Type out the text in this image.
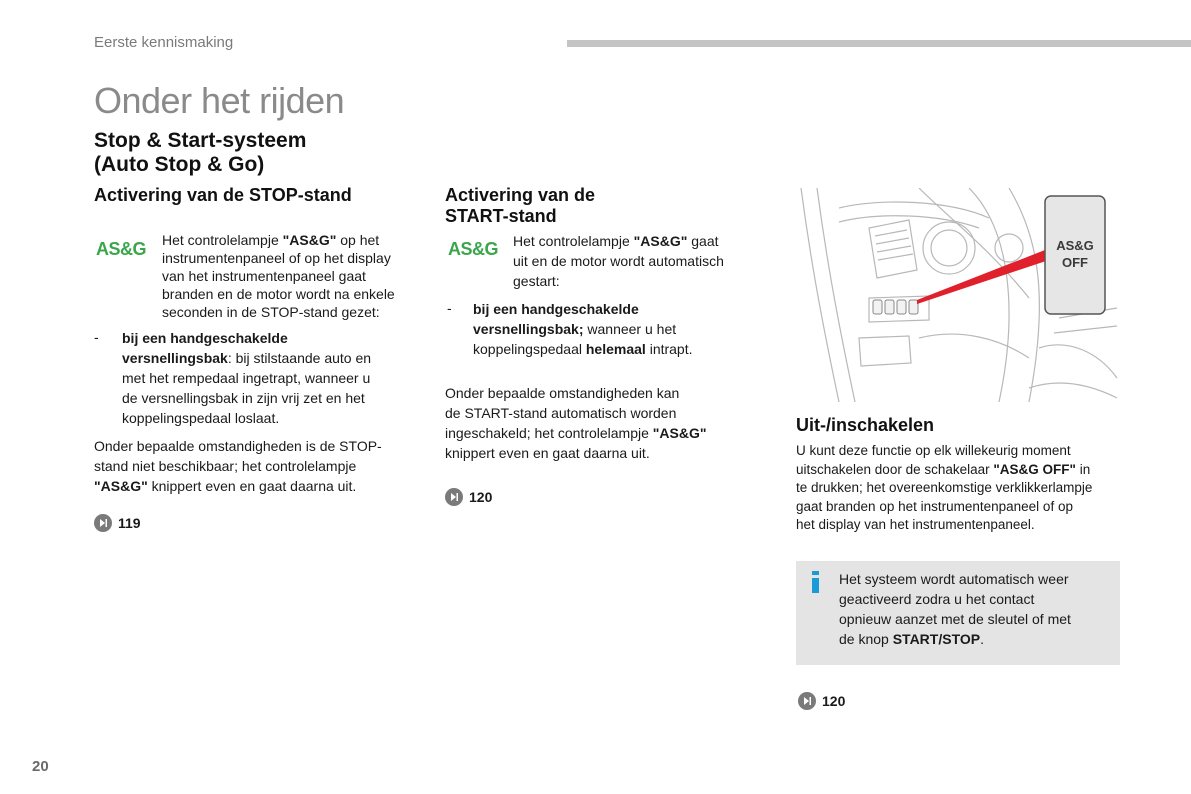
Eerste kennismaking
Onder het rijden
Stop & Start-systeem
(Auto Stop & Go)
Activering van de STOP-stand
AS&G Het controlelampje "AS&G" op het
instrumentenpaneel of op het display
van het instrumentenpaneel gaat
branden en de motor wordt na enkele
seconden in de STOP-stand gezet:
- bij een handgeschakelde
versnellingsbak: bij stilstaande auto en
met het rempedaal ingetrapt, wanneer u
de versnellingsbak in zijn vrij zet en het
koppelingspedaal loslaat.
Onder bepaalde omstandigheden is de STOP-
stand niet beschikbaar; het controlelampje
"AS&G" knippert even en gaat daarna uit.
119
Activering van de
START-stand
AS&G Het controlelampje "AS&G" gaat
uit en de motor wordt automatisch
gestart:
- bij een handgeschakelde
versnellingsbak; wanneer u het
koppelingspedaal helemaal intrapt.
Onder bepaalde omstandigheden kan
de START-stand automatisch worden
ingeschakeld; het controlelampje "AS&G"
knippert even en gaat daarna uit.
120
AS&G
OFF
Uit-/inschakelen
U kunt deze functie op elk willekeurig moment
uitschakelen door de schakelaar "AS&G OFF" in
te drukken; het overeenkomstige verklikkerlampje
gaat branden op het instrumentenpaneel of op
het display van het instrumentenpaneel.
Het systeem wordt automatisch weer
geactiveerd zodra u het contact
opnieuw aanzet met de sleutel of met
de knop START/STOP.
120
20
